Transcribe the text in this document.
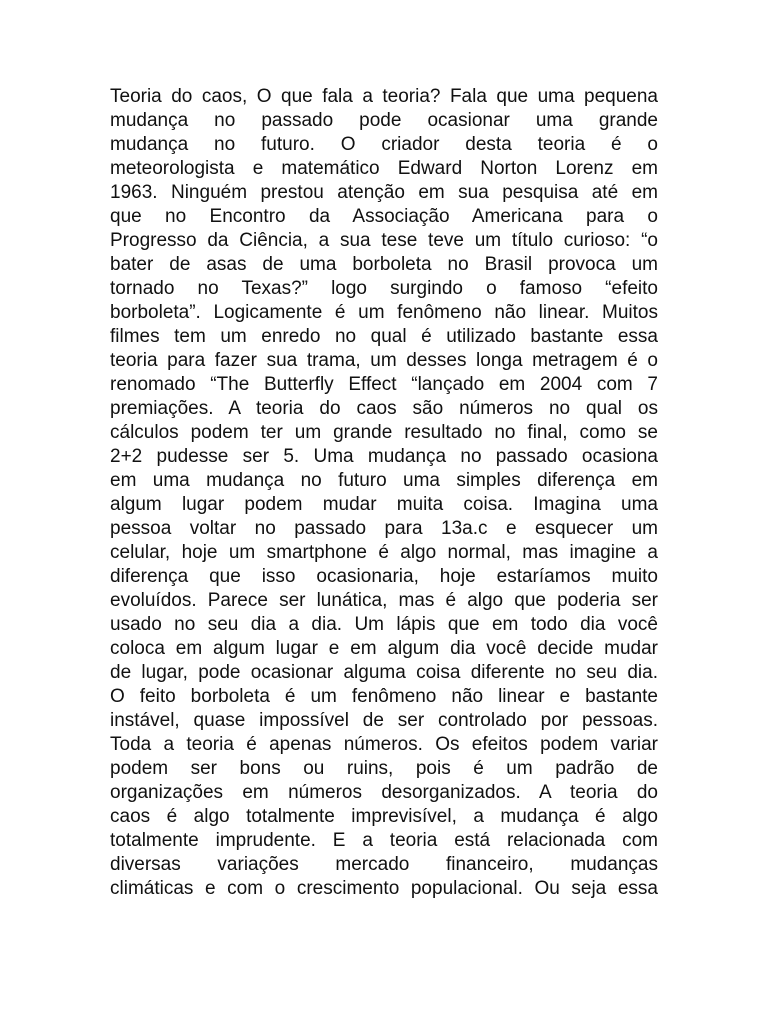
Teoria do caos, O que fala a teoria? Fala que uma pequena
mudança no passado pode ocasionar uma grande
mudança no futuro. O criador desta teoria é o
meteorologista e matemático Edward Norton Lorenz em
1963. Ninguém prestou atenção em sua pesquisa até em
que no Encontro da Associação Americana para o
Progresso da Ciência, a sua tese teve um título curioso: “o
bater de asas de uma borboleta no Brasil provoca um
tornado no Texas?” logo surgindo o famoso “efeito
borboleta”. Logicamente é um fenômeno não linear. Muitos
filmes tem um enredo no qual é utilizado bastante essa
teoria para fazer sua trama, um desses longa metragem é o
renomado “The Butterfly Effect “lançado em 2004 com 7
premiações. A teoria do caos são números no qual os
cálculos podem ter um grande resultado no final, como se
2+2 pudesse ser 5. Uma mudança no passado ocasiona
em uma mudança no futuro uma simples diferença em
algum lugar podem mudar muita coisa. Imagina uma
pessoa voltar no passado para 13a.c e esquecer um
celular, hoje um smartphone é algo normal, mas imagine a
diferença que isso ocasionaria, hoje estaríamos muito
evoluídos. Parece ser lunática, mas é algo que poderia ser
usado no seu dia a dia. Um lápis que em todo dia você
coloca em algum lugar e em algum dia você decide mudar
de lugar, pode ocasionar alguma coisa diferente no seu dia.
O feito borboleta é um fenômeno não linear e bastante
instável, quase impossível de ser controlado por pessoas.
Toda a teoria é apenas números. Os efeitos podem variar
podem ser bons ou ruins, pois é um padrão de
organizações em números desorganizados. A teoria do
caos é algo totalmente imprevisível, a mudança é algo
totalmente imprudente. E a teoria está relacionada com
diversas variações mercado financeiro, mudanças
climáticas e com o crescimento populacional. Ou seja essa
